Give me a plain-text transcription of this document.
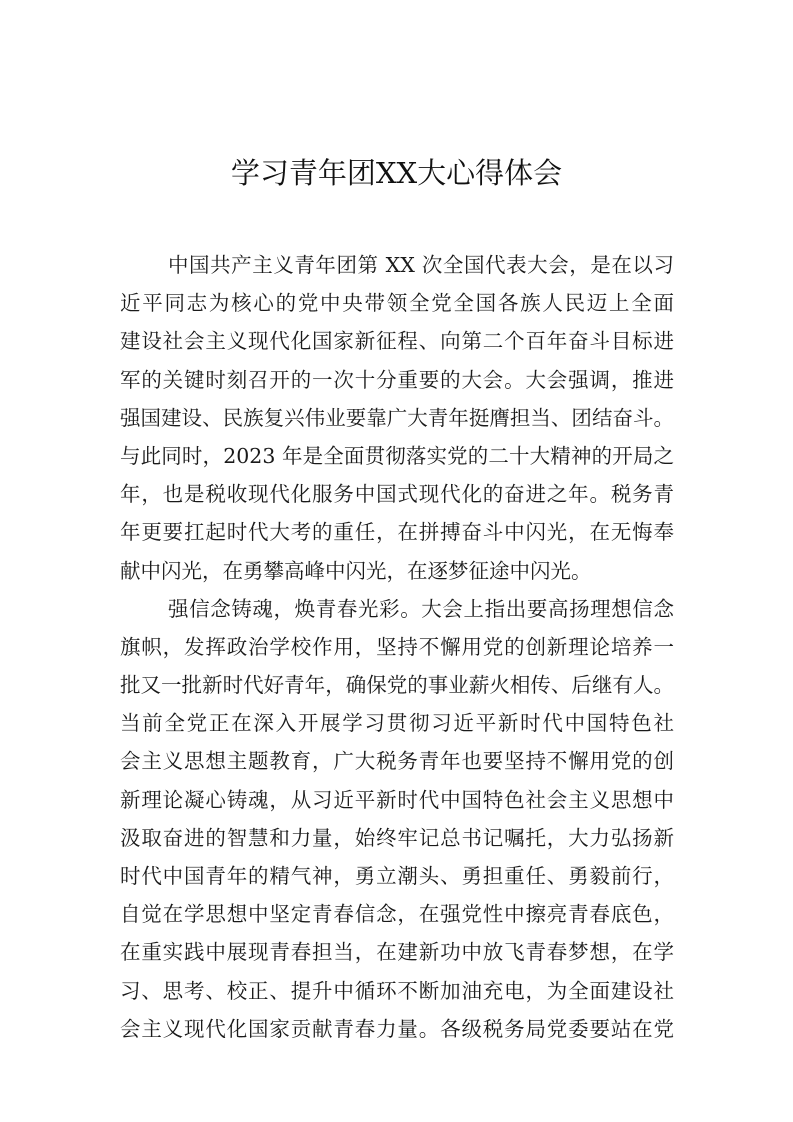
学习青年团XX大心得体会
中国共产主义青年团第 XX 次全国代表大会，是在以习
近平同志为核心的党中央带领全党全国各族人民迈上全面
建设社会主义现代化国家新征程、向第二个百年奋斗目标进
军的关键时刻召开的一次十分重要的大会。大会强调，推进
强国建设、民族复兴伟业要靠广大青年挺膺担当、团结奋斗。
与此同时，2023 年是全面贯彻落实党的二十大精神的开局之
年，也是税收现代化服务中国式现代化的奋进之年。税务青
年更要扛起时代大考的重任，在拼搏奋斗中闪光，在无悔奉
献中闪光，在勇攀高峰中闪光，在逐梦征途中闪光。
强信念铸魂，焕青春光彩。大会上指出要高扬理想信念
旗帜，发挥政治学校作用，坚持不懈用党的创新理论培养一
批又一批新时代好青年，确保党的事业薪火相传、后继有人。
当前全党正在深入开展学习贯彻习近平新时代中国特色社
会主义思想主题教育，广大税务青年也要坚持不懈用党的创
新理论凝心铸魂，从习近平新时代中国特色社会主义思想中
汲取奋进的智慧和力量，始终牢记总书记嘱托，大力弘扬新
时代中国青年的精气神，勇立潮头、勇担重任、勇毅前行，
自觉在学思想中坚定青春信念，在强党性中擦亮青春底色，
在重实践中展现青春担当，在建新功中放飞青春梦想，在学
习、思考、校正、提升中循环不断加油充电，为全面建设社
会主义现代化国家贡献青春力量。各级税务局党委要站在党
